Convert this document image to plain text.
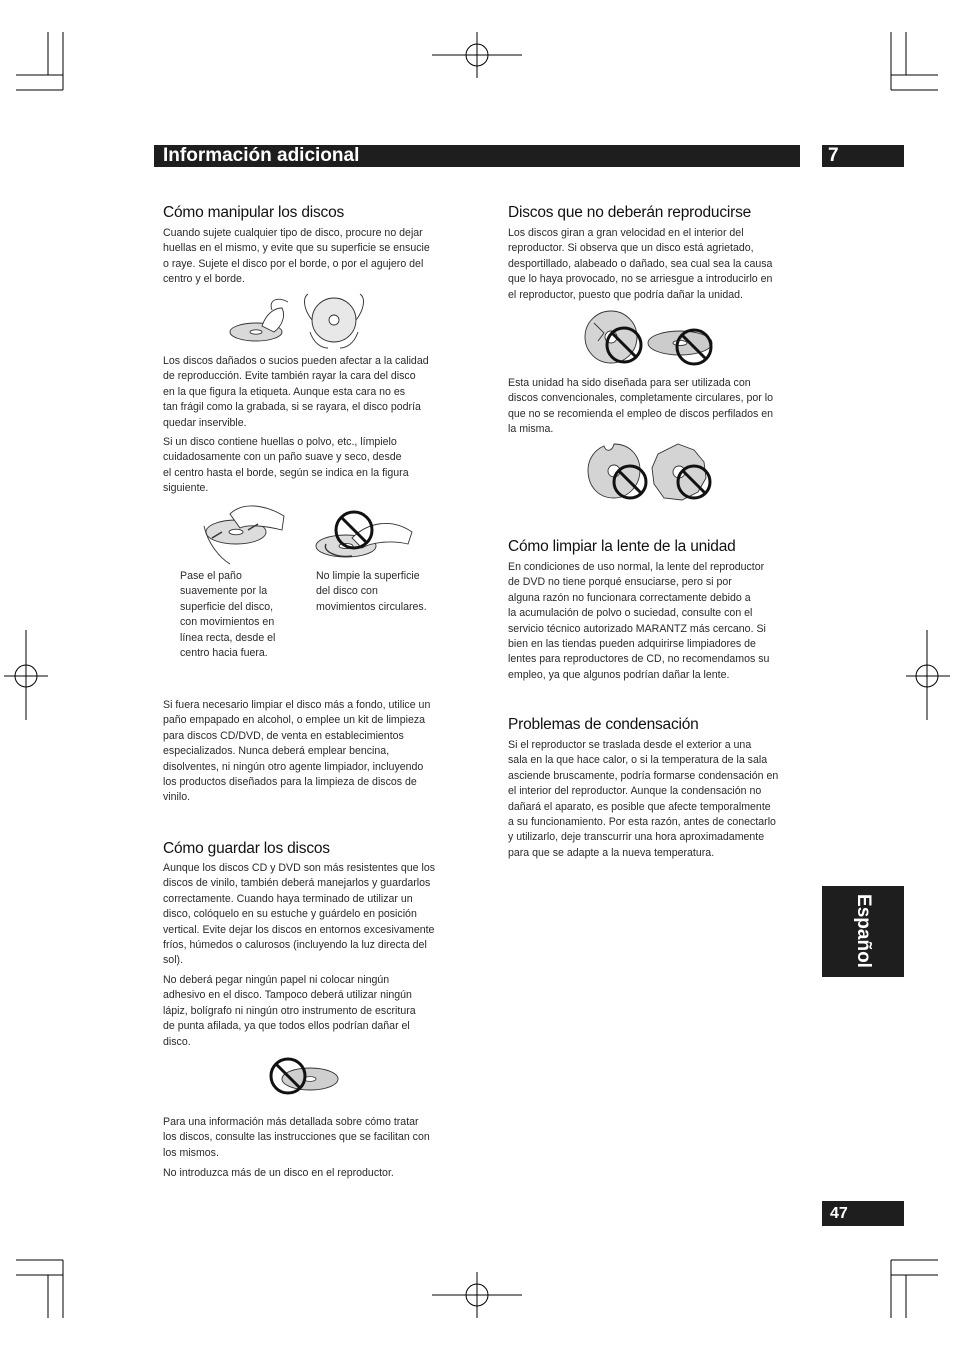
Información adicional	7
Español
47
Cómo manipular los discos
Cuando sujete cualquier tipo de disco, procure no dejar
huellas en el mismo, y evite que su superficie se ensucie
o raye. Sujete el disco por el borde, o por el agujero del
centro y el borde.
Los discos dañados o sucios pueden afectar a la calidad
de reproducción. Evite también rayar la cara del disco
en la que figura la etiqueta. Aunque esta cara no es
tan frágil como la grabada, si se rayara, el disco podría
quedar inservible.
Si un disco contiene huellas o polvo, etc., límpielo
cuidadosamente con un paño suave y seco, desde
el centro hasta el borde, según se indica en la figura
siguiente.
Pase el paño
suavemente por la
superficie del disco,
con movimientos en
línea recta, desde el
centro hacia fuera.
No limpie la superficie
del disco con
movimientos circulares.
Si fuera necesario limpiar el disco más a fondo, utilice un
paño empapado en alcohol, o emplee un kit de limpieza
para discos CD/DVD, de venta en establecimientos
especializados. Nunca deberá emplear bencina,
disolventes, ni ningún otro agente limpiador, incluyendo
los productos diseñados para la limpieza de discos de
vinilo.
Cómo guardar los discos
Aunque los discos CD y DVD son más resistentes que los
discos de vinilo, también deberá manejarlos y guardarlos
correctamente. Cuando haya terminado de utilizar un
disco, colóquelo en su estuche y guárdelo en posición
vertical. Evite dejar los discos en entornos excesivamente
fríos, húmedos o calurosos (incluyendo la luz directa del
sol).
No deberá pegar ningún papel ni colocar ningún
adhesivo en el disco. Tampoco deberá utilizar ningún
lápiz, bolígrafo ni ningún otro instrumento de escritura
de punta afilada, ya que todos ellos podrían dañar el
disco.
Para una información más detallada sobre cómo tratar
los discos, consulte las instrucciones que se facilitan con
los mismos.
No introduzca más de un disco en el reproductor.
Discos que no deberán reproducirse
Los discos giran a gran velocidad en el interior del
reproductor. Si observa que un disco está agrietado,
desportillado, alabeado o dañado, sea cual sea la causa
que lo haya provocado, no se arriesgue a introducirlo en
el reproductor, puesto que podría dañar la unidad.
Esta unidad ha sido diseñada para ser utilizada con
discos convencionales, completamente circulares, por lo
que no se recomienda el empleo de discos perfilados en
la misma.
Cómo limpiar la lente de la unidad
En condiciones de uso normal, la lente del reproductor
de DVD no tiene porqué ensuciarse, pero si por
alguna razón no funcionara correctamente debido a
la acumulación de polvo o suciedad, consulte con el
servicio técnico autorizado MARANTZ más cercano. Si
bien en las tiendas pueden adquirirse limpiadores de
lentes para reproductores de CD, no recomendamos su
empleo, ya que algunos podrían dañar la lente.
Problemas de condensación
Si el reproductor se traslada desde el exterior a una
sala en la que hace calor, o si la temperatura de la sala
asciende bruscamente, podría formarse condensación en
el interior del reproductor. Aunque la condensación no
dañará el aparato, es posible que afecte temporalmente
a su funcionamiento. Por esta razón, antes de conectarlo
y utilizarlo, deje transcurrir una hora aproximadamente
para que se adapte a la nueva temperatura.
